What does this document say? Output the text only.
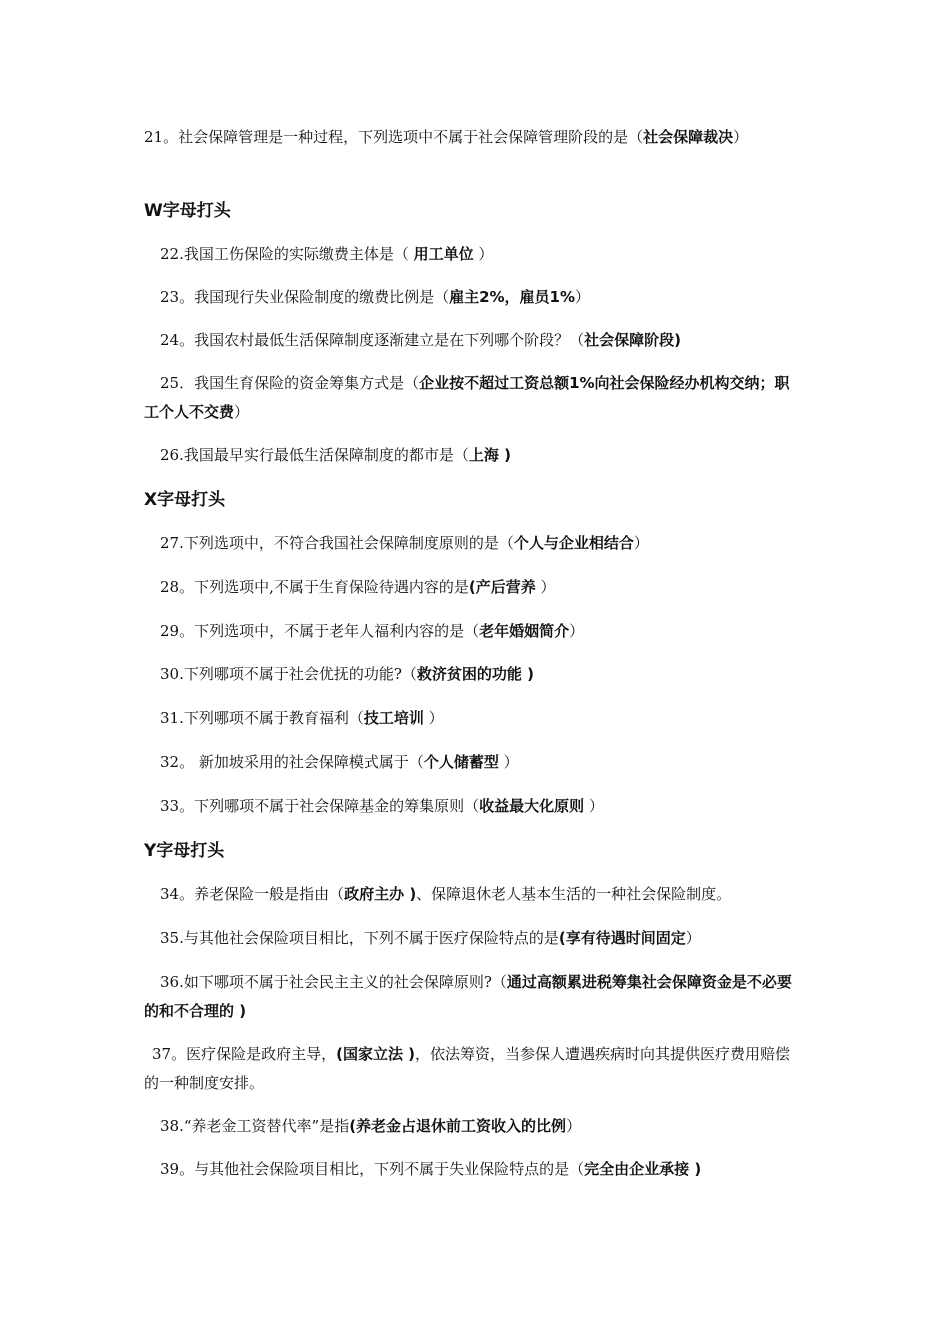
21。社会保障管理是一种过程，下列选项中不属于社会保障管理阶段的是（社会保障裁决）
W字母打头
22.我国工伤保险的实际缴费主体是（ 用工单位 ）
23。我国现行失业保险制度的缴费比例是（雇主2%，雇员1%）
24。我国农村最低生活保障制度逐渐建立是在下列哪个阶段？（社会保障阶段)
25．我国生育保险的资金筹集方式是（企业按不超过工资总额1%向社会保险经办机构交纳；职工个人不交费）
26.我国最早实行最低生活保障制度的都市是（上海 )
X字母打头
27.下列选项中，不符合我国社会保障制度原则的是（个人与企业相结合）
28。下列选项中,不属于生育保险待遇内容的是(产后营养 ）
29。下列选项中，不属于老年人福利内容的是（老年婚姻简介）
30.下列哪项不属于社会优抚的功能?（救济贫困的功能 )
31.下列哪项不属于教育福利（技工培训 ）
32。 新加坡采用的社会保障模式属于（个人储蓄型 ）
33。下列哪项不属于社会保障基金的筹集原则（收益最大化原则 ）
Y字母打头
34。养老保险一般是指由（政府主办 )、保障退休老人基本生活的一种社会保险制度。
35.与其他社会保险项目相比，下列不属于医疗保险特点的是(享有待遇时间固定）
36.如下哪项不属于社会民主主义的社会保障原则?（通过高额累进税筹集社会保障资金是不必要的和不合理的 )
37。医疗保险是政府主导，(国家立法 )，依法筹资，当参保人遭遇疾病时向其提供医疗费用赔偿的一种制度安排。
38.“养老金工资替代率”是指(养老金占退休前工资收入的比例）
39。与其他社会保险项目相比，下列不属于失业保险特点的是（完全由企业承接 )
